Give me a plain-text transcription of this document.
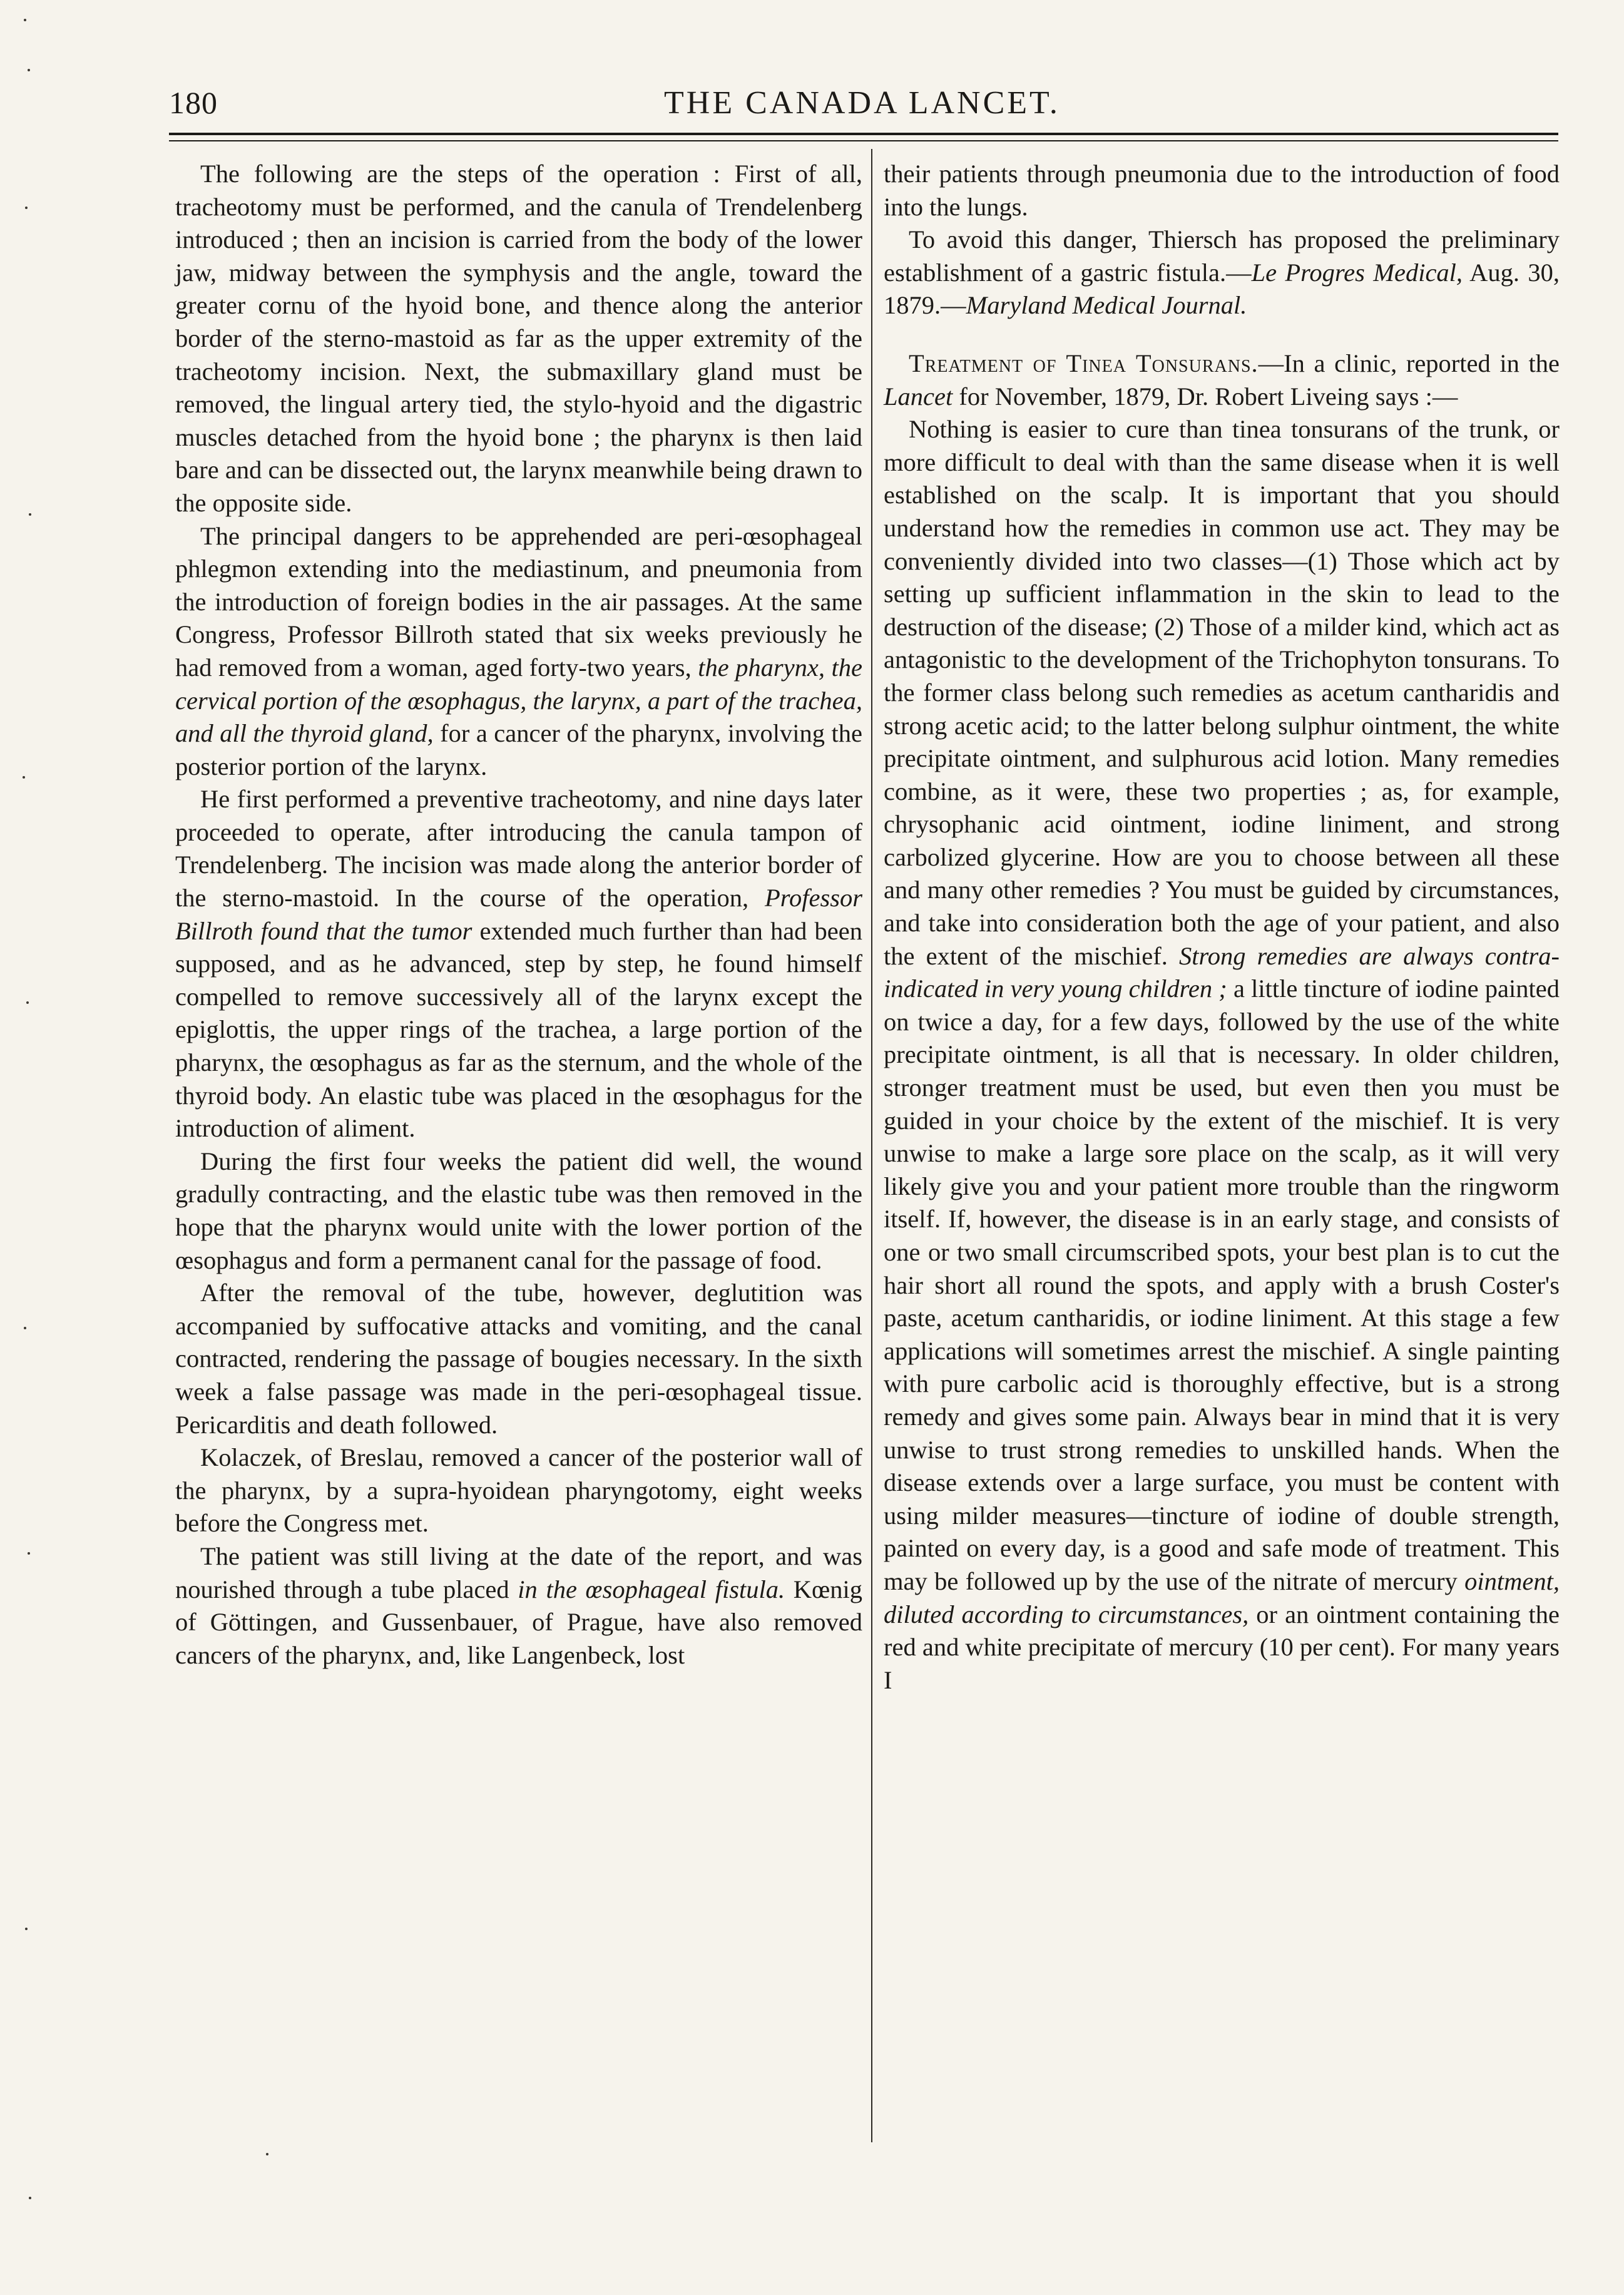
180	THE CANADA LANCET.

The following are the steps of the operation : First of all, tracheotomy must be performed, and the canula of Trendelenberg introduced ; then an incision is carried from the body of the lower jaw, midway between the symphysis and the angle, toward the greater cornu of the hyoid bone, and thence along the anterior border of the sterno-mastoid as far as the upper extremity of the tracheotomy incision. Next, the submaxillary gland must be removed, the lingual artery tied, the stylo-hyoid and the digastric muscles detached from the hyoid bone ; the pharynx is then laid bare and can be dissected out, the larynx meanwhile being drawn to the opposite side.

The principal dangers to be apprehended are peri-œsophageal phlegmon extending into the mediastinum, and pneumonia from the introduction of foreign bodies in the air passages. At the same Congress, Professor Billroth stated that six weeks previously he had removed from a woman, aged forty-two years, the pharynx, the cervical portion of the œsophagus, the larynx, a part of the trachea, and all the thyroid gland, for a cancer of the pharynx, involving the posterior portion of the larynx.

He first performed a preventive tracheotomy, and nine days later proceeded to operate, after introducing the canula tampon of Trendelenberg. The incision was made along the anterior border of the sterno-mastoid. In the course of the operation, Professor Billroth found that the tumor extended much further than had been supposed, and as he advanced, step by step, he found himself compelled to remove successively all of the larynx except the epiglottis, the upper rings of the trachea, a large portion of the pharynx, the œsophagus as far as the sternum, and the whole of the thyroid body. An elastic tube was placed in the œsophagus for the introduction of aliment.

During the first four weeks the patient did well, the wound gradully contracting, and the elastic tube was then removed in the hope that the pharynx would unite with the lower portion of the œsophagus and form a permanent canal for the passage of food.

After the removal of the tube, however, deglutition was accompanied by suffocative attacks and vomiting, and the canal contracted, rendering the passage of bougies necessary. In the sixth week a false passage was made in the peri-œsophageal tissue. Pericarditis and death followed.

Kolaczek, of Breslau, removed a cancer of the posterior wall of the pharynx, by a supra-hyoidean pharyngotomy, eight weeks before the Congress met.

The patient was still living at the date of the report, and was nourished through a tube placed in the œsophageal fistula. Kœnig of Göttingen, and Gussenbauer, of Prague, have also removed cancers of the pharynx, and, like Langenbeck, lost

their patients through pneumonia due to the introduction of food into the lungs.

To avoid this danger, Thiersch has proposed the preliminary establishment of a gastric fistula.—Le Progres Medical, Aug. 30, 1879.—Maryland Medical Journal.

Treatment of Tinea Tonsurans.—In a clinic, reported in the Lancet for November, 1879, Dr. Robert Liveing says :—

Nothing is easier to cure than tinea tonsurans of the trunk, or more difficult to deal with than the same disease when it is well established on the scalp. It is important that you should understand how the remedies in common use act. They may be conveniently divided into two classes—(1) Those which act by setting up sufficient inflammation in the skin to lead to the destruction of the disease; (2) Those of a milder kind, which act as antagonistic to the development of the Trichophyton tonsurans. To the former class belong such remedies as acetum cantharidis and strong acetic acid; to the latter belong sulphur ointment, the white precipitate ointment, and sulphurous acid lotion. Many remedies combine, as it were, these two properties ; as, for example, chrysophanic acid ointment, iodine liniment, and strong carbolized glycerine. How are you to choose between all these and many other remedies ? You must be guided by circumstances, and take into consideration both the age of your patient, and also the extent of the mischief. Strong remedies are always contra-indicated in very young children ; a little tincture of iodine painted on twice a day, for a few days, followed by the use of the white precipitate ointment, is all that is necessary. In older children, stronger treatment must be used, but even then you must be guided in your choice by the extent of the mischief. It is very unwise to make a large sore place on the scalp, as it will very likely give you and your patient more trouble than the ringworm itself. If, however, the disease is in an early stage, and consists of one or two small circumscribed spots, your best plan is to cut the hair short all round the spots, and apply with a brush Coster's paste, acetum cantharidis, or iodine liniment. At this stage a few applications will sometimes arrest the mischief. A single painting with pure carbolic acid is thoroughly effective, but is a strong remedy and gives some pain. Always bear in mind that it is very unwise to trust strong remedies to unskilled hands. When the disease extends over a large surface, you must be content with using milder measures—tincture of iodine of double strength, painted on every day, is a good and safe mode of treatment. This may be followed up by the use of the nitrate of mercury ointment, diluted according to circumstances, or an ointment containing the red and white precipitate of mercury (10 per cent). For many years I
